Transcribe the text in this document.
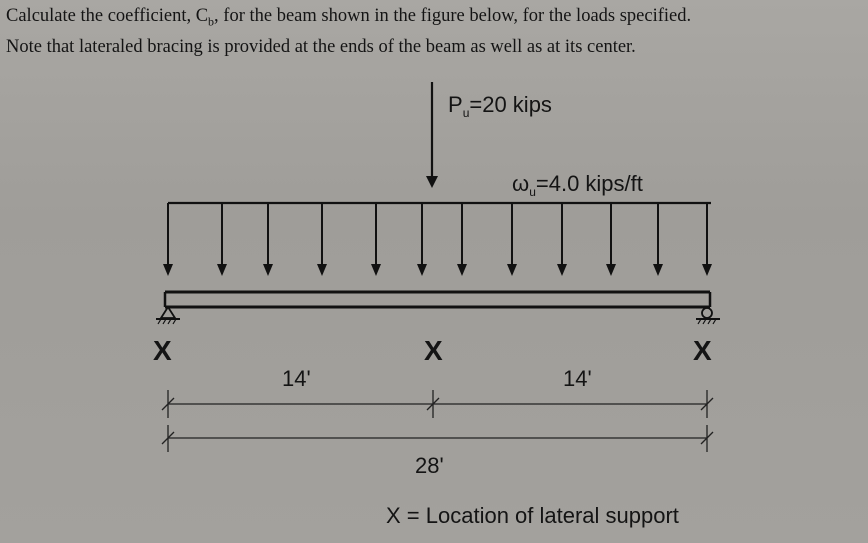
Calculate the coefficient, $C_b$, for the beam shown in the figure below, for the loads specified.
Note that lateraled bracing is provided at the ends of the beam as well as at its center.
$P_u=20$ kips
$\omega_u=4.0$ kips/ft
X	X	X
14'	14'
28'
X = Location of lateral support
